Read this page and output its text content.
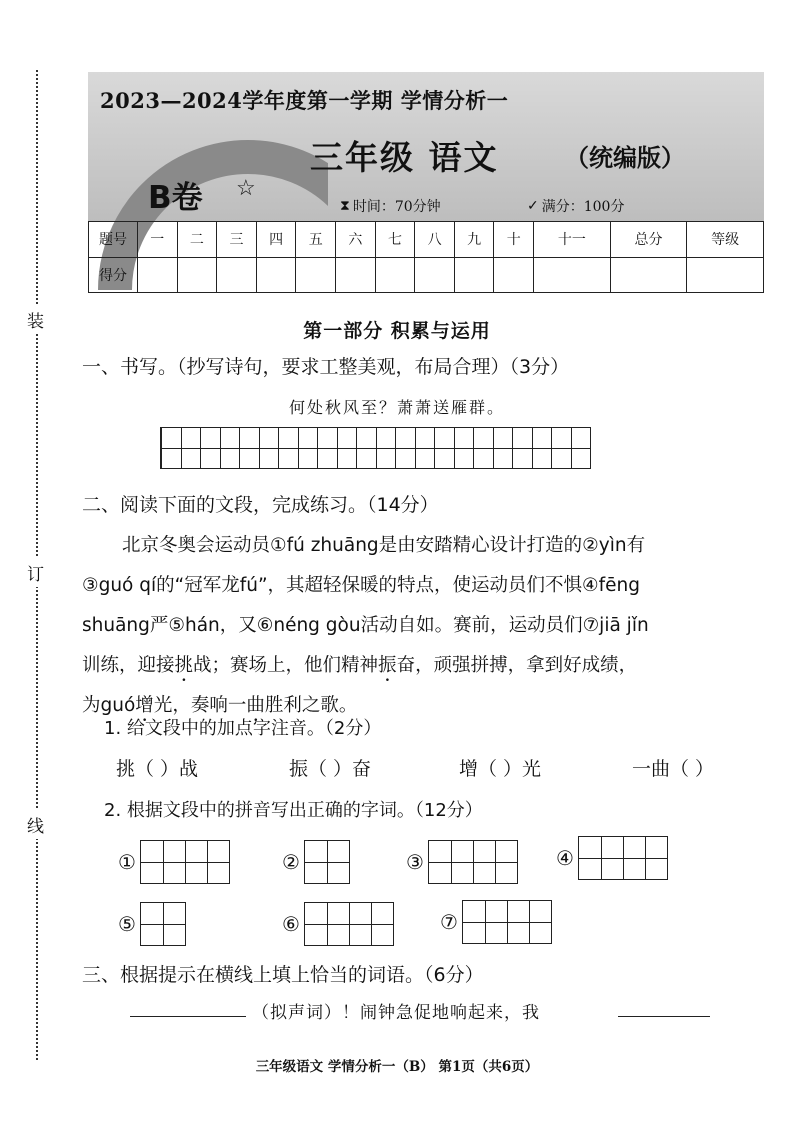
装
订
线
2023—2024学年度第一学期 学情分析一
三年级 语文	（统编版）
B卷 ☆
⧗ 时间：70分钟	✓ 满分：100分
题号	一	二	三	四	五	六	七	八	九	十	十一	总分	等级
得分													
第一部分 积累与运用
一、书写。（抄写诗句，要求工整美观，布局合理）（3分）
何处秋风至？萧萧送雁群。
二、阅读下面的文段，完成练习。（14分）

北京冬奥会运动员①fú zhuāng是由安踏精心设计打造的②yìn有

③guó qí的“冠军龙fú”，其超轻保暖的特点，使运动员们不惧④fēng

shuāng严⑤hán，又⑥néng gòu活动自如。赛前，运动员们⑦jiā jǐn

训练，迎接挑战；赛场上，他们精神振奋，顽强拼搏，拿到好成绩，

为guó增光，奏响一曲胜利之歌。

1. 给文段中的加点字注音。（2分）
挑（ ）战	振（ ）奋	增（ ）光	一曲（ ）
2. 根据文段中的拼音写出正确的字词。（12分）
①	②	③	④
⑤	⑥	⑦
三、根据提示在横线上填上恰当的词语。（6分）
（拟声词）！闹钟急促地响起来，我
三年级语文 学情分析一（B） 第1页（共6页）
